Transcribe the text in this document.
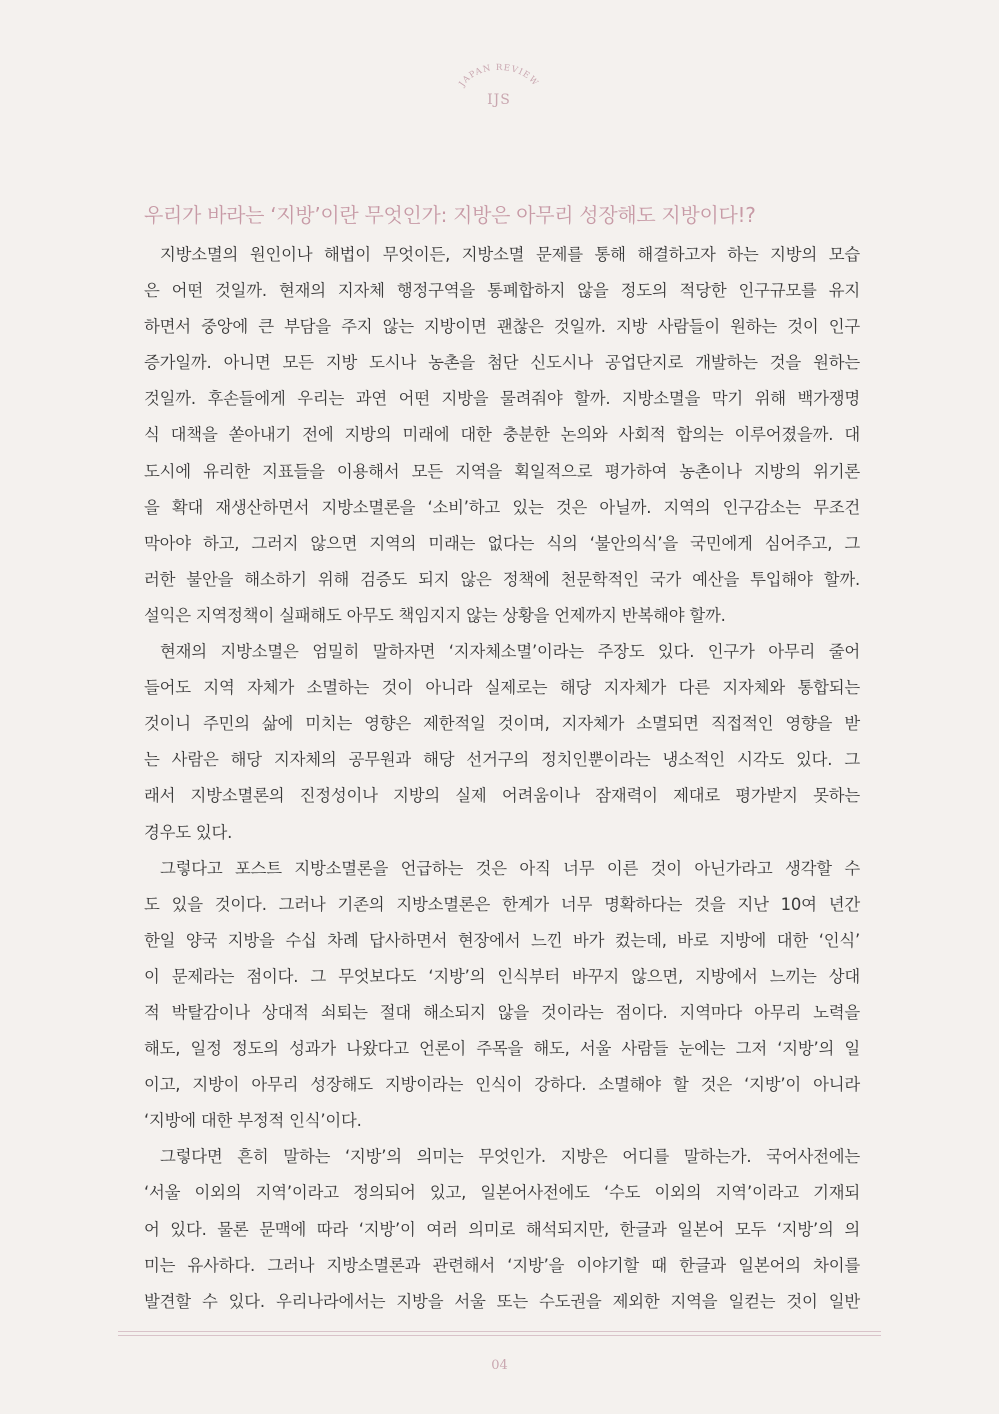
JAPAN REVIEW
IJS
우리가 바라는 ‘지방’이란 무엇인가: 지방은 아무리 성장해도 지방이다!?
지방소멸의 원인이나 해법이 무엇이든, 지방소멸 문제를 통해 해결하고자 하는 지방의 모습
은 어떤 것일까. 현재의 지자체 행정구역을 통폐합하지 않을 정도의 적당한 인구규모를 유지
하면서 중앙에 큰 부담을 주지 않는 지방이면 괜찮은 것일까. 지방 사람들이 원하는 것이 인구
증가일까. 아니면 모든 지방 도시나 농촌을 첨단 신도시나 공업단지로 개발하는 것을 원하는
것일까. 후손들에게 우리는 과연 어떤 지방을 물려줘야 할까. 지방소멸을 막기 위해 백가쟁명
식 대책을 쏟아내기 전에 지방의 미래에 대한 충분한 논의와 사회적 합의는 이루어졌을까. 대
도시에 유리한 지표들을 이용해서 모든 지역을 획일적으로 평가하여 농촌이나 지방의 위기론
을 확대 재생산하면서 지방소멸론을 ‘소비’하고 있는 것은 아닐까. 지역의 인구감소는 무조건
막아야 하고, 그러지 않으면 지역의 미래는 없다는 식의 ‘불안의식’을 국민에게 심어주고, 그
러한 불안을 해소하기 위해 검증도 되지 않은 정책에 천문학적인 국가 예산을 투입해야 할까.
설익은 지역정책이 실패해도 아무도 책임지지 않는 상황을 언제까지 반복해야 할까.
현재의 지방소멸은 엄밀히 말하자면 ‘지자체소멸’이라는 주장도 있다. 인구가 아무리 줄어
들어도 지역 자체가 소멸하는 것이 아니라 실제로는 해당 지자체가 다른 지자체와 통합되는
것이니 주민의 삶에 미치는 영향은 제한적일 것이며, 지자체가 소멸되면 직접적인 영향을 받
는 사람은 해당 지자체의 공무원과 해당 선거구의 정치인뿐이라는 냉소적인 시각도 있다. 그
래서 지방소멸론의 진정성이나 지방의 실제 어려움이나 잠재력이 제대로 평가받지 못하는
경우도 있다.
그렇다고 포스트 지방소멸론을 언급하는 것은 아직 너무 이른 것이 아닌가라고 생각할 수
도 있을 것이다. 그러나 기존의 지방소멸론은 한계가 너무 명확하다는 것을 지난 10여 년간
한일 양국 지방을 수십 차례 답사하면서 현장에서 느낀 바가 컸는데, 바로 지방에 대한 ‘인식’
이 문제라는 점이다. 그 무엇보다도 ‘지방’의 인식부터 바꾸지 않으면, 지방에서 느끼는 상대
적 박탈감이나 상대적 쇠퇴는 절대 해소되지 않을 것이라는 점이다. 지역마다 아무리 노력을
해도, 일정 정도의 성과가 나왔다고 언론이 주목을 해도, 서울 사람들 눈에는 그저 ‘지방’의 일
이고, 지방이 아무리 성장해도 지방이라는 인식이 강하다. 소멸해야 할 것은 ‘지방’이 아니라
‘지방에 대한 부정적 인식’이다.
그렇다면 흔히 말하는 ‘지방’의 의미는 무엇인가. 지방은 어디를 말하는가. 국어사전에는
‘서울 이외의 지역’이라고 정의되어 있고, 일본어사전에도 ‘수도 이외의 지역’이라고 기재되
어 있다. 물론 문맥에 따라 ‘지방’이 여러 의미로 해석되지만, 한글과 일본어 모두 ‘지방’의 의
미는 유사하다. 그러나 지방소멸론과 관련해서 ‘지방’을 이야기할 때 한글과 일본어의 차이를
발견할 수 있다. 우리나라에서는 지방을 서울 또는 수도권을 제외한 지역을 일컫는 것이 일반
04
